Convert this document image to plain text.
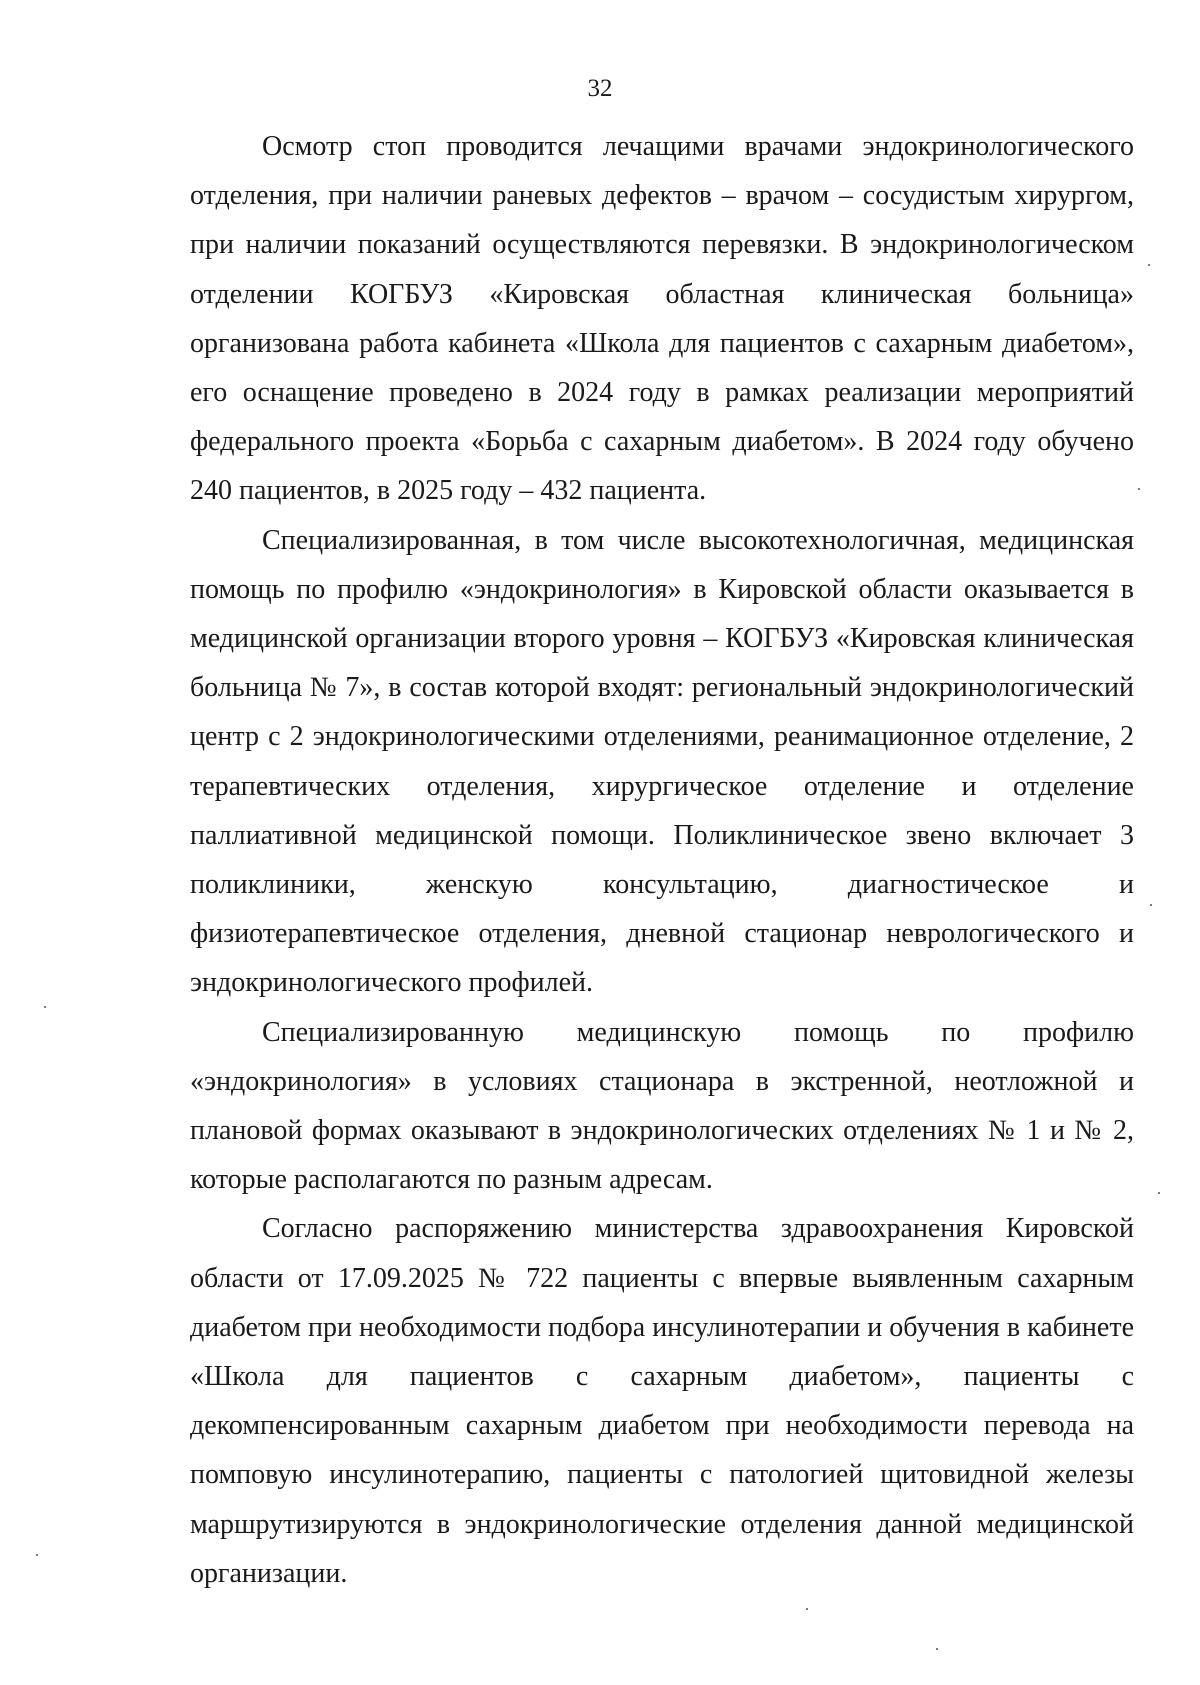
32

Осмотр стоп проводится лечащими врачами эндокринологического отделения, при наличии раневых дефектов – врачом – сосудистым хирургом, при наличии показаний осуществляются перевязки. В эндокринологическом отделении КОГБУЗ «Кировская областная клиническая больница» организована работа кабинета «Школа для пациентов с сахарным диабетом», его оснащение проведено в 2024 году в рамках реализации мероприятий федерального проекта «Борьба с сахарным диабетом». В 2024 году обучено 240 пациентов, в 2025 году – 432 пациента.

Специализированная, в том числе высокотехнологичная, медицинская помощь по профилю «эндокринология» в Кировской области оказывается в медицинской организации второго уровня – КОГБУЗ «Кировская клиническая больница № 7», в состав которой входят: региональный эндокринологический центр с 2 эндокринологическими отделениями, реанимационное отделение, 2 терапевтических отделения, хирургическое отделение и отделение паллиативной медицинской помощи. Поликлиническое звено включает 3 поликлиники, женскую консультацию, диагностическое и физиотерапевтическое отделения, дневной стационар неврологического и эндокринологического профилей.

Специализированную медицинскую помощь по профилю «эндокринология» в условиях стационара в экстренной, неотложной и плановой формах оказывают в эндокринологических отделениях № 1 и № 2, которые располагаются по разным адресам.

Согласно распоряжению министерства здравоохранения Кировской области от 17.09.2025 № 722 пациенты с впервые выявленным сахарным диабетом при необходимости подбора инсулинотерапии и обучения в кабинете «Школа для пациентов с сахарным диабетом», пациенты с декомпенсированным сахарным диабетом при необходимости перевода на помповую инсулинотерапию, пациенты с патологией щитовидной железы маршрутизируются в эндокринологические отделения данной медицинской организации.
